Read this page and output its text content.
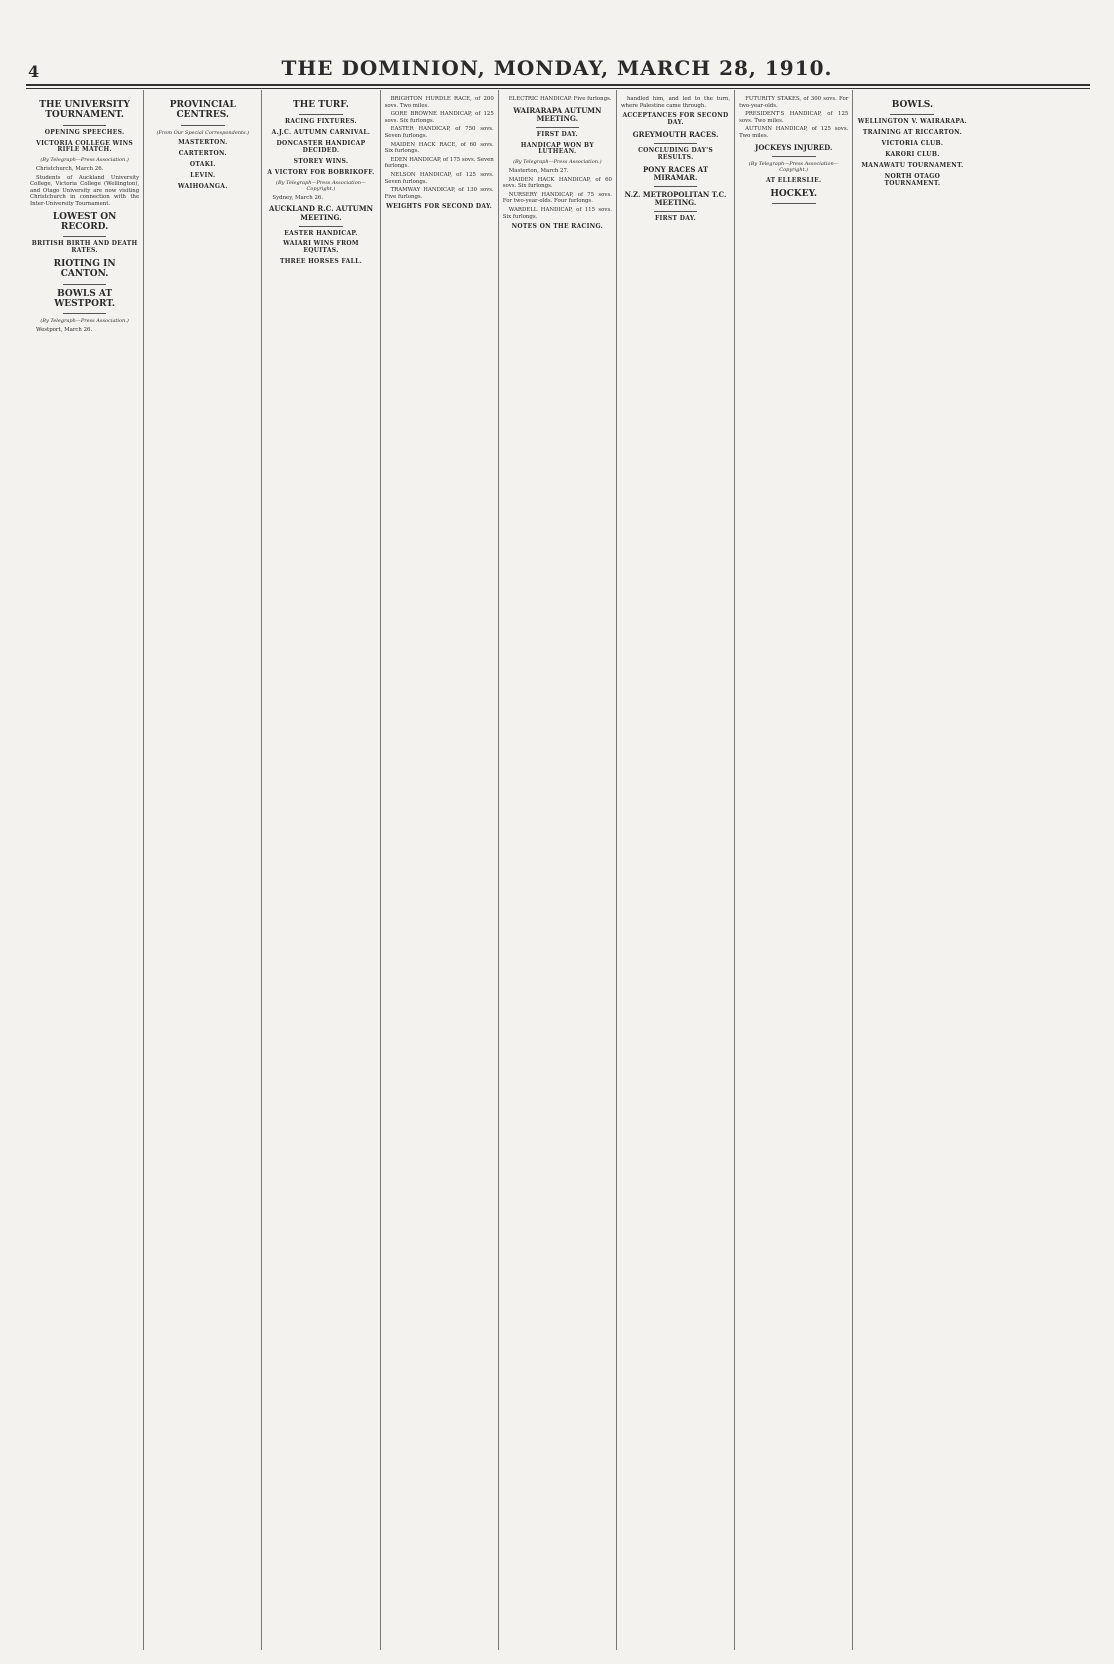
4	THE DOMINION, MONDAY, MARCH 28, 1910.
THE UNIVERSITY TOURNAMENT.
OPENING SPEECHES.
VICTORIA COLLEGE WINS RIFLE MATCH.
(By Telegraph—Press Association.)

Christchurch, March 26.

Students of Auckland University College, Victoria College (Wellington), and Otago University are now visiting Christchurch in connection with the Inter-University Tournament.

LOWEST ON RECORD.
BRITISH BIRTH AND DEATH RATES.
RIOTING IN CANTON.
BOWLS AT WESTPORT.
(By Telegraph—Press Association.)

Westport, March 26.

PROVINCIAL CENTRES.
(From Our Special Correspondents.)
MASTERTON.
CARTERTON.
OTAKI.
LEVIN.
WAIHOANGA.
THE TURF.
RACING FIXTURES.
A.J.C. AUTUMN CARNIVAL.
DONCASTER HANDICAP DECIDED.
STOREY WINS.
A VICTORY FOR BOBRIKOFF.
(By Telegraph—Press Association—Copyright.)

Sydney, March 26.

AUCKLAND R.C. AUTUMN MEETING.
EASTER HANDICAP.
WAIARI WINS FROM EQUITAS.
THREE HORSES FALL.

BRIGHTON HURDLE RACE, of 200 sovs. Two miles.

GORE BROWNE HANDICAP, of 125 sovs. Six furlongs.

EASTER HANDICAP, of 750 sovs. Seven furlongs.

MAIDEN HACK RACE, of 60 sovs. Six furlongs.

EDEN HANDICAP, of 175 sovs. Seven furlongs.

NELSON HANDICAP, of 125 sovs. Seven furlongs.

TRAMWAY HANDICAP, of 130 sovs. Five furlongs.

WEIGHTS FOR SECOND DAY.

ELECTRIC HANDICAP. Five furlongs.

WAIRARAPA AUTUMN MEETING.
FIRST DAY.
HANDICAP WON BY LUTHEAN.
(By Telegraph—Press Association.)

Masterton, March 27.

MAIDEN HACK HANDICAP, of 60 sovs. Six furlongs.

NURSERY HANDICAP, of 75 sovs. For two-year-olds. Four furlongs.

WARDELL HANDICAP, of 115 sovs. Six furlongs.

NOTES ON THE RACING.

handled him, and led to the turn, where Palestine came through.

ACCEPTANCES FOR SECOND DAY.
GREYMOUTH RACES.
CONCLUDING DAY'S RESULTS.
PONY RACES AT MIRAMAR.
N.Z. METROPOLITAN T.C. MEETING.
FIRST DAY.

FUTURITY STAKES, of 300 sovs. For two-year-olds.

PRESIDENT'S HANDICAP, of 125 sovs. Two miles.

AUTUMN HANDICAP, of 125 sovs. Two miles.

JOCKEYS INJURED.
(By Telegraph—Press Association—Copyright.)
AT ELLERSLIE.
HOCKEY.
BOWLS.
WELLINGTON V. WAIRARAPA.
TRAINING AT RICCARTON.
VICTORIA CLUB.
KARORI CLUB.
MANAWATU TOURNAMENT.
NORTH OTAGO TOURNAMENT.
